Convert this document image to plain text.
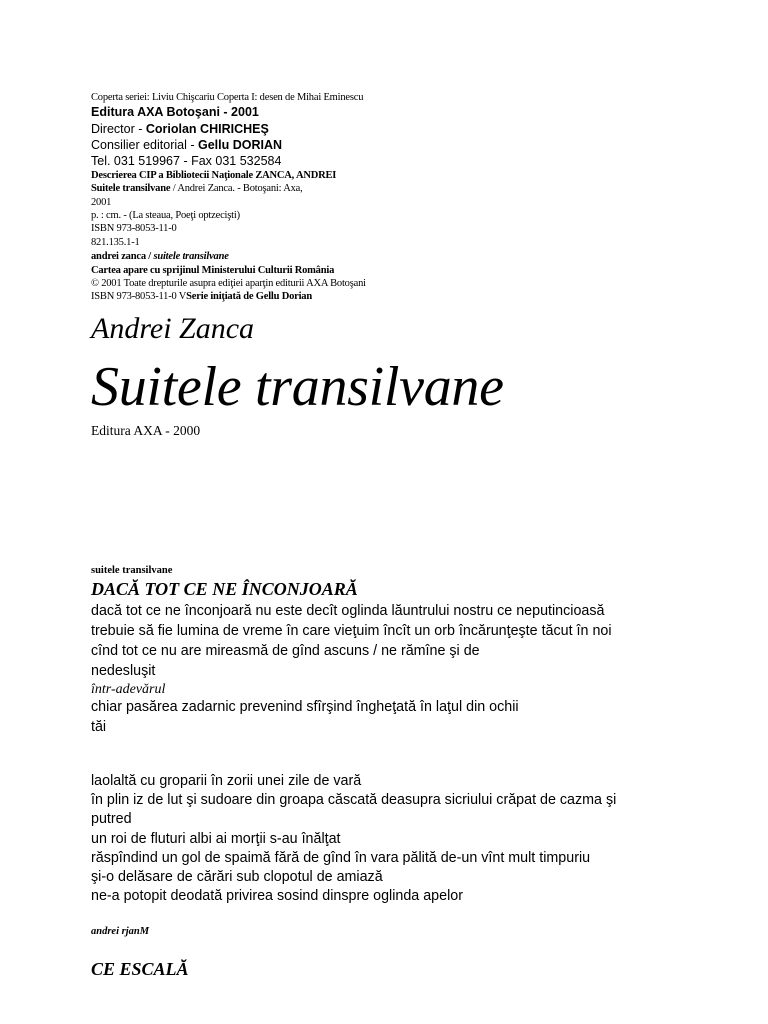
Coperta seriei: Liviu Chişcariu Coperta I: desen de Mihai Eminescu
Editura AXA Botoşani - 2001
Director - Coriolan CHIRICHEŞ
Consilier editorial - Gellu DORIAN
Tel. 031 519967 - Fax 031 532584
Descrierea CIP a Bibliotecii Naţionale ZANCA, ANDREI
Suitele transilvane / Andrei Zanca. - Botoşani: Axa,
2001
p. : cm. - (La steaua, Poeţi optzecişti)
ISBN 973-8053-11-0
821.135.1-1
andrei zanca / suitele transilvane
Cartea apare cu sprijinul Ministerului Culturii România
© 2001 Toate drepturile asupra ediţiei aparţin editurii AXA Botoşani
ISBN 973-8053-11-0 VSerie iniţiată de Gellu Dorian
Andrei Zanca
Suitele transilvane
Editura AXA - 2000
suitele transilvane
DACĂ TOT CE NE ÎNCONJOARĂ
dacă tot ce ne înconjoară nu este decît oglinda lăuntrului nostru ce neputincioasă
trebuie să fie lumina de vreme în care vieţuim încît un orb încărunţeşte tăcut în noi
cînd tot ce nu are mireasmă de gînd ascuns / ne rămîne şi de
nedesluşit
într-adevărul
chiar pasărea zadarnic prevenind sfîrşind îngheţată în laţul din ochii
tăi
laolaltă cu groparii în zorii unei zile de vară
în plin iz de lut şi sudoare din groapa căscată deasupra sicriului crăpat de cazma şi
putred
un roi de fluturi albi ai morţii s-au înălţat
răspîndind un gol de spaimă fără de gînd în vara pălită de-un vînt mult timpuriu
şi-o delăsare de cărări sub clopotul de amiază
ne-a potopit deodată privirea sosind dinspre oglinda apelor
andrei rjanM
CE ESCALĂ
